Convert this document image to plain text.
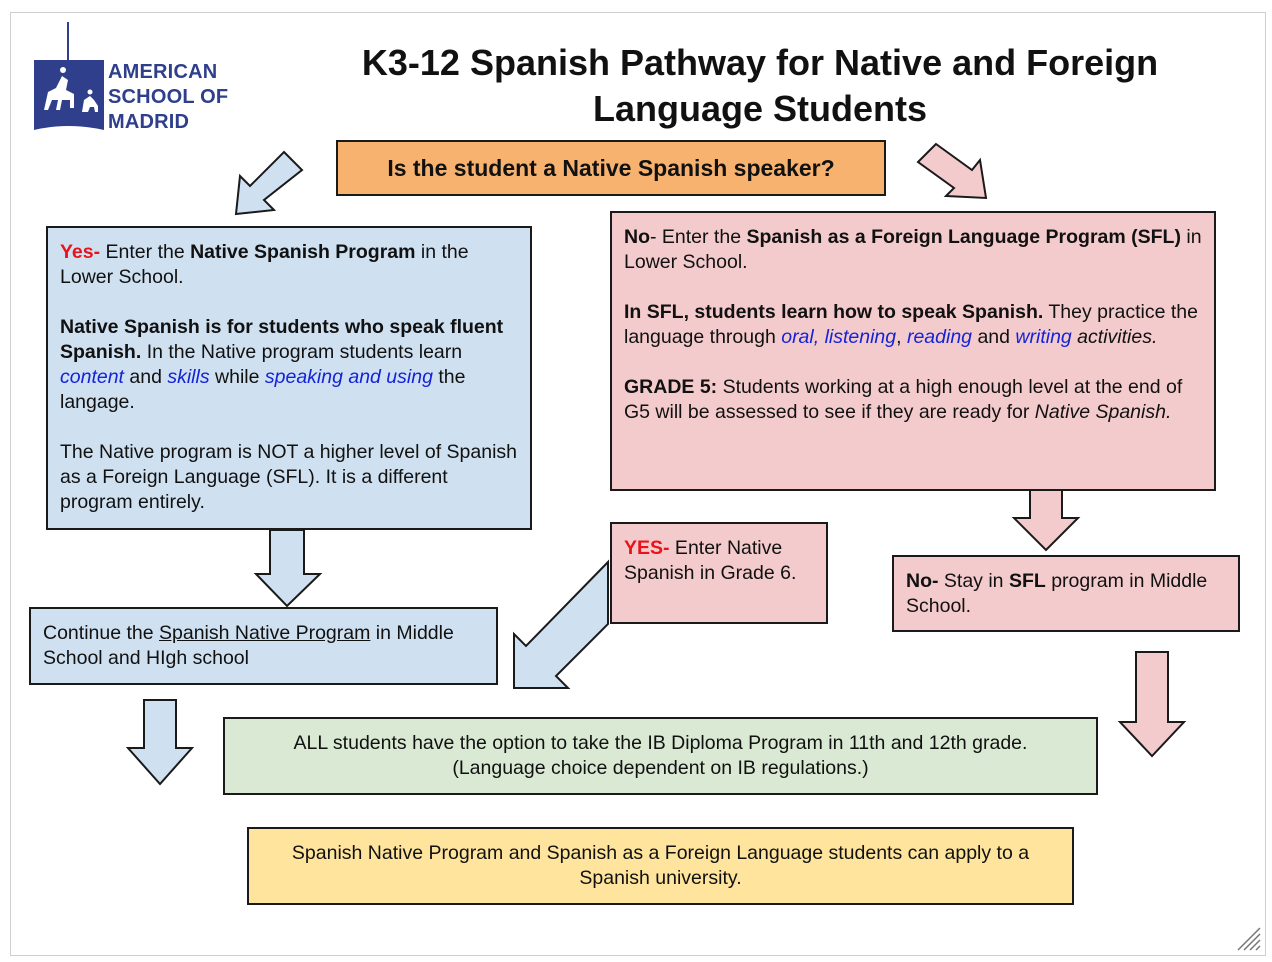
AMERICAN
SCHOOL OF
MADRID
K3-12 Spanish Pathway for Native and Foreign Language Students
Is the student a Native Spanish speaker?

Yes- Enter the Native Spanish Program in the Lower School.

Native Spanish is for students who speak fluent Spanish. In the Native program students learn content and skills while speaking and using the langage.

The Native program is NOT a higher level of Spanish as a Foreign Language (SFL). It is a different program entirely.

No- Enter the Spanish as a Foreign Language Program (SFL) in Lower School.

In SFL, students learn how to speak Spanish. They practice the language through oral, listening, reading and writing activities.

GRADE 5: Students working at a high enough level at the end of G5 will be assessed to see if they are ready for Native Spanish.

YES- Enter Native Spanish in Grade 6.	No- Stay in SFL program in Middle School.
Continue the Spanish Native Program in Middle School and HIgh school
ALL students have the option to take the IB Diploma Program in 11th and 12th grade. (Language choice dependent on IB regulations.)
Spanish Native Program and Spanish as a Foreign Language students can apply to a Spanish university.
